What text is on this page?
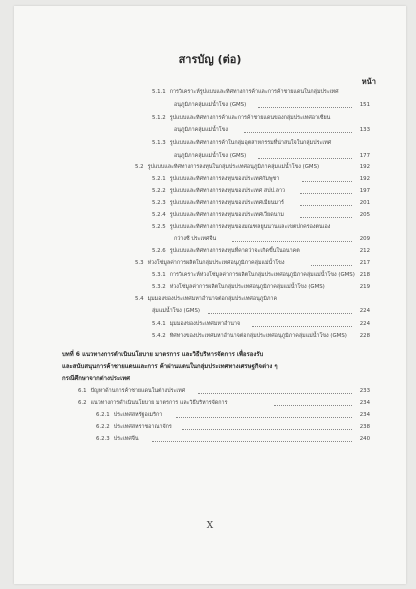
สารบัญ (ต่อ)
หน้า
5.1.1 การวิเคราะห์รูปแบบและทิศทางการค้าและการค้าชายแดนในกลุ่มประเทศ
อนุภูมิภาคลุ่มแม่น้ำโขง (GMS)	151
5.1.2 รูปแบบและทิศทางการค้าและการค้าชายแดนของกลุ่มประเทศอาเซียน
อนุภูมิภาคลุ่มแม่น้ำโขง	133
5.1.3 รูปแบบและทิศทางการค้าในกลุ่มอุตสาหกรรมที่น่าสนใจในกลุ่มประเทศ
อนุภูมิภาคลุ่มแม่น้ำโขง (GMS)	177
5.2 รูปแบบและทิศทางการลงทุนในกลุ่มประเทศอนุภูมิภาคลุ่มแม่น้ำโขง (GMS)	192
5.2.1 รูปแบบและทิศทางการลงทุนของประเทศกัมพูชา	192
5.2.2 รูปแบบและทิศทางการลงทุนของประเทศ สปป.ลาว	197
5.2.3 รูปแบบและทิศทางการลงทุนของประเทศเมียนมาร์	201
5.2.4 รูปแบบและทิศทางการลงทุนของประเทศเวียดนาม	205
5.2.5 รูปแบบและทิศทางการลงทุนของมณฑลยูนนานและเขตปกครองตนเอง
กว่างซี ประเทศจีน	209
5.2.6 รูปแบบและทิศทางการลงทุนที่คาดว่าจะเกิดขึ้นในอนาคต	212
5.3 ห่วงโซ่มูลค่าการผลิตในกลุ่มประเทศอนุภูมิภาคลุ่มแม่น้ำโขง	217
5.3.1 การวิเคราะห์ห่วงโซ่มูลค่าการผลิตในกลุ่มประเทศอนุภูมิภาคลุ่มแม่น้ำโขง (GMS) 218
5.3.2 ห่วงโซ่มูลค่าการผลิตในกลุ่มประเทศอนุภูมิภาคลุ่มแม่น้ำโขง (GMS)	219
5.4 มุมมองของประเทศมหาอำนาจต่อกลุ่มประเทศอนุภูมิภาค
ลุ่มแม่น้ำโขง (GMS)	224
5.4.1 มุมมองของประเทศมหาอำนาจ	224
5.4.2 ทิศทางของประเทศมหาอำนาจต่อกลุ่มประเทศอนุภูมิภาคลุ่มแม่น้ำโขง (GMS) 228
บทที่ 6 แนวทางการดำเนินนโยบาย มาตรการ และวิธีบริหารจัดการ เพื่อรองรับ
และสนับสนุนการค้าชายแดนและการ ค้าผ่านแดนในกลุ่มประเทศทางเศรษฐกิจต่าง ๆ
กรณีศึกษาจากต่างประเทศ
6.1 ปัญหาด้านการค้าชายแดนในต่างประเทศ	233
6.2 แนวทางการดำเนินนโยบาย มาตรการ และวิธีบริหารจัดการ	234
6.2.1 ประเทศสหรัฐอเมริกา	234
6.2.2 ประเทศสหราชอาณาจักร	238
6.2.3 ประเทศจีน	240
X
